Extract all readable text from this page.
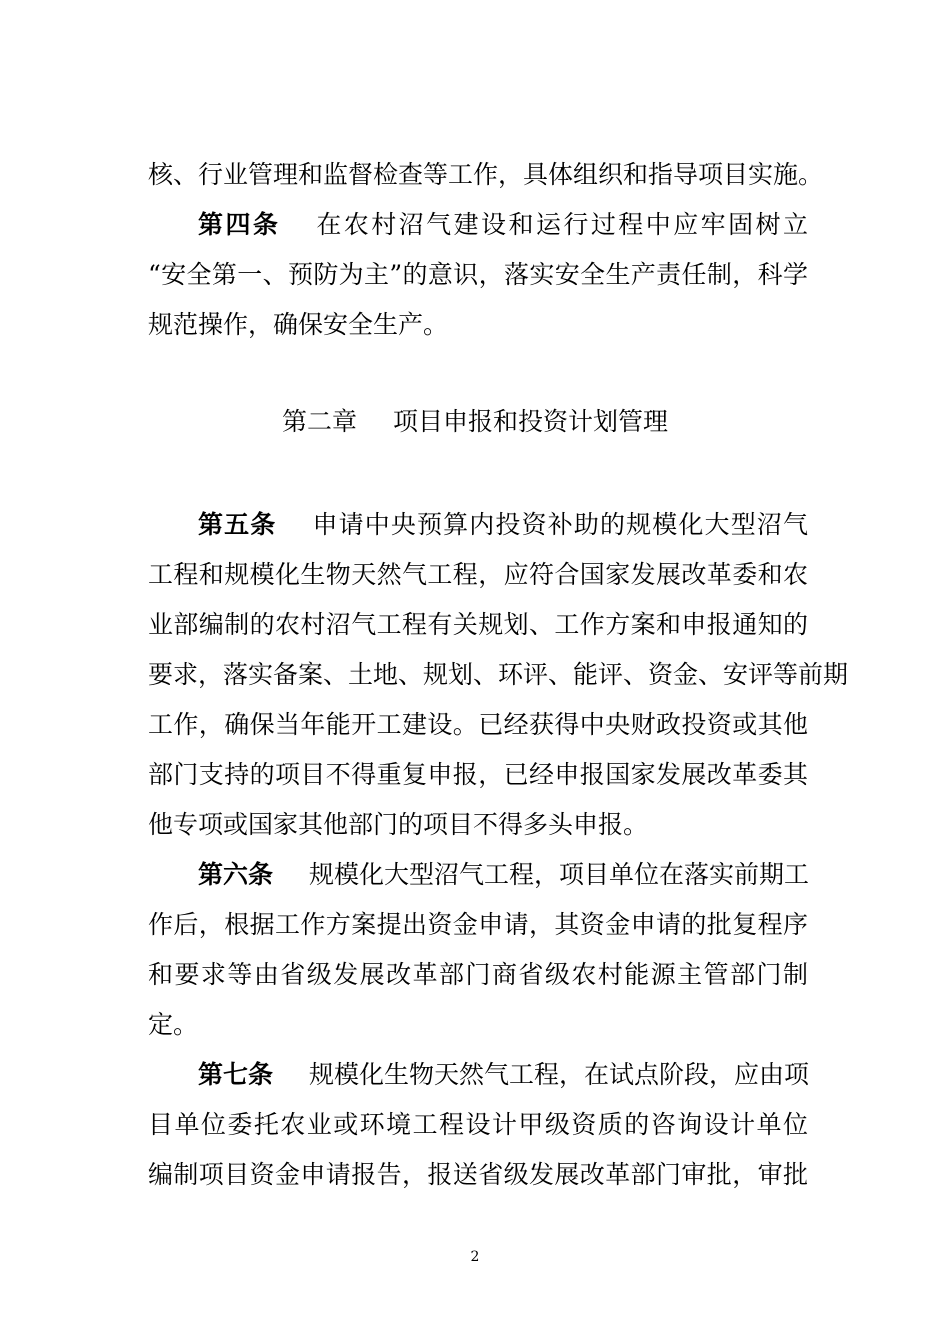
核、行业管理和监督检查等工作，具体组织和指导项目实施。
第四条 在农村沼气建设和运行过程中应牢固树立
“安全第一、预防为主”的意识，落实安全生产责任制，科学
规范操作，确保安全生产。
第二章 项目申报和投资计划管理
第五条 申请中央预算内投资补助的规模化大型沼气
工程和规模化生物天然气工程，应符合国家发展改革委和农
业部编制的农村沼气工程有关规划、工作方案和申报通知的
要求，落实备案、土地、规划、环评、能评、资金、安评等前期
工作，确保当年能开工建设。已经获得中央财政投资或其他
部门支持的项目不得重复申报，已经申报国家发展改革委其
他专项或国家其他部门的项目不得多头申报。
第六条 规模化大型沼气工程，项目单位在落实前期工
作后，根据工作方案提出资金申请，其资金申请的批复程序
和要求等由省级发展改革部门商省级农村能源主管部门制
定。
第七条 规模化生物天然气工程，在试点阶段，应由项
目单位委托农业或环境工程设计甲级资质的咨询设计单位
编制项目资金申请报告，报送省级发展改革部门审批，审批
2
